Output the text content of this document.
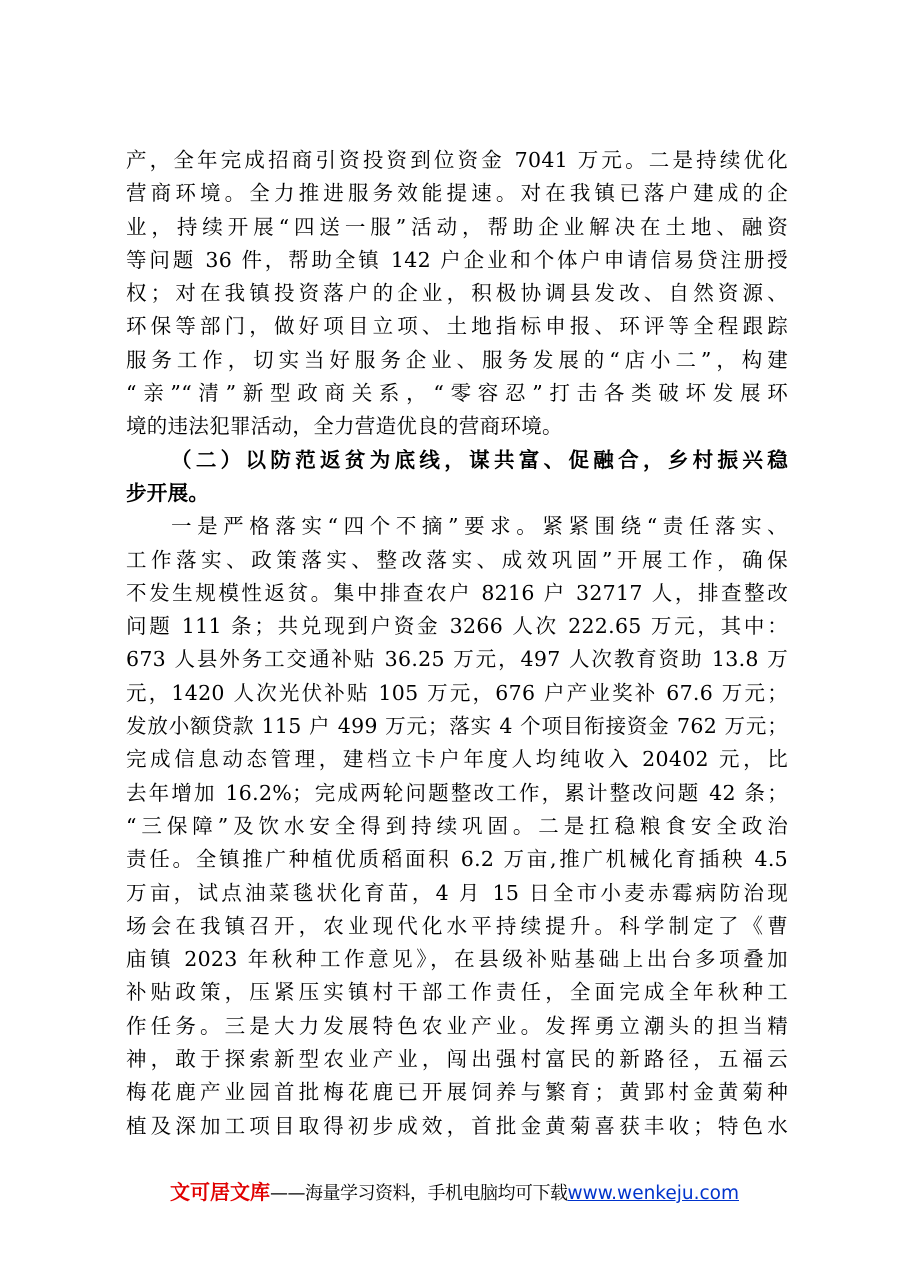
产，全年完成招商引资投资到位资金 7041 万元。二是持续优化
营商环境。全力推进服务效能提速。对在我镇已落户建成的企
业，持续开展“四送一服”活动，帮助企业解决在土地、融资
等问题 36 件，帮助全镇 142 户企业和个体户申请信易贷注册授
权；对在我镇投资落户的企业，积极协调县发改、自然资源、
环保等部门，做好项目立项、土地指标申报、环评等全程跟踪
服务工作，切实当好服务企业、服务发展的“店小二”，构建
“亲”“清”新型政商关系，“零容忍”打击各类破坏发展环
境的违法犯罪活动，全力营造优良的营商环境。
（二）以防范返贫为底线，谋共富、促融合，乡村振兴稳
步开展。
一是严格落实“四个不摘”要求。紧紧围绕“责任落实、
工作落实、政策落实、整改落实、成效巩固”开展工作，确保
不发生规模性返贫。集中排查农户 8216 户 32717 人，排查整改
问题 111 条；共兑现到户资金 3266 人次 222.65 万元，其中：
673 人县外务工交通补贴 36.25 万元，497 人次教育资助 13.8 万
元，1420 人次光伏补贴 105 万元，676 户产业奖补 67.6 万元；
发放小额贷款 115 户 499 万元；落实 4 个项目衔接资金 762 万元；
完成信息动态管理，建档立卡户年度人均纯收入 20402 元，比
去年增加 16.2%；完成两轮问题整改工作，累计整改问题 42 条；
“三保障”及饮水安全得到持续巩固。二是扛稳粮食安全政治
责任。全镇推广种植优质稻面积 6.2 万亩,推广机械化育插秧 4.5
万亩，试点油菜毯状化育苗，4 月 15 日全市小麦赤霉病防治现
场会在我镇召开，农业现代化水平持续提升。科学制定了《曹
庙镇 2023 年秋种工作意见》，在县级补贴基础上出台多项叠加
补贴政策，压紧压实镇村干部工作责任，全面完成全年秋种工
作任务。三是大力发展特色农业产业。发挥勇立潮头的担当精
神，敢于探索新型农业产业，闯出强村富民的新路径，五福云
梅花鹿产业园首批梅花鹿已开展饲养与繁育；黄郢村金黄菊种
植及深加工项目取得初步成效，首批金黄菊喜获丰收；特色水
文可居文库——海量学习资料，手机电脑均可下载www.wenkeju.com
